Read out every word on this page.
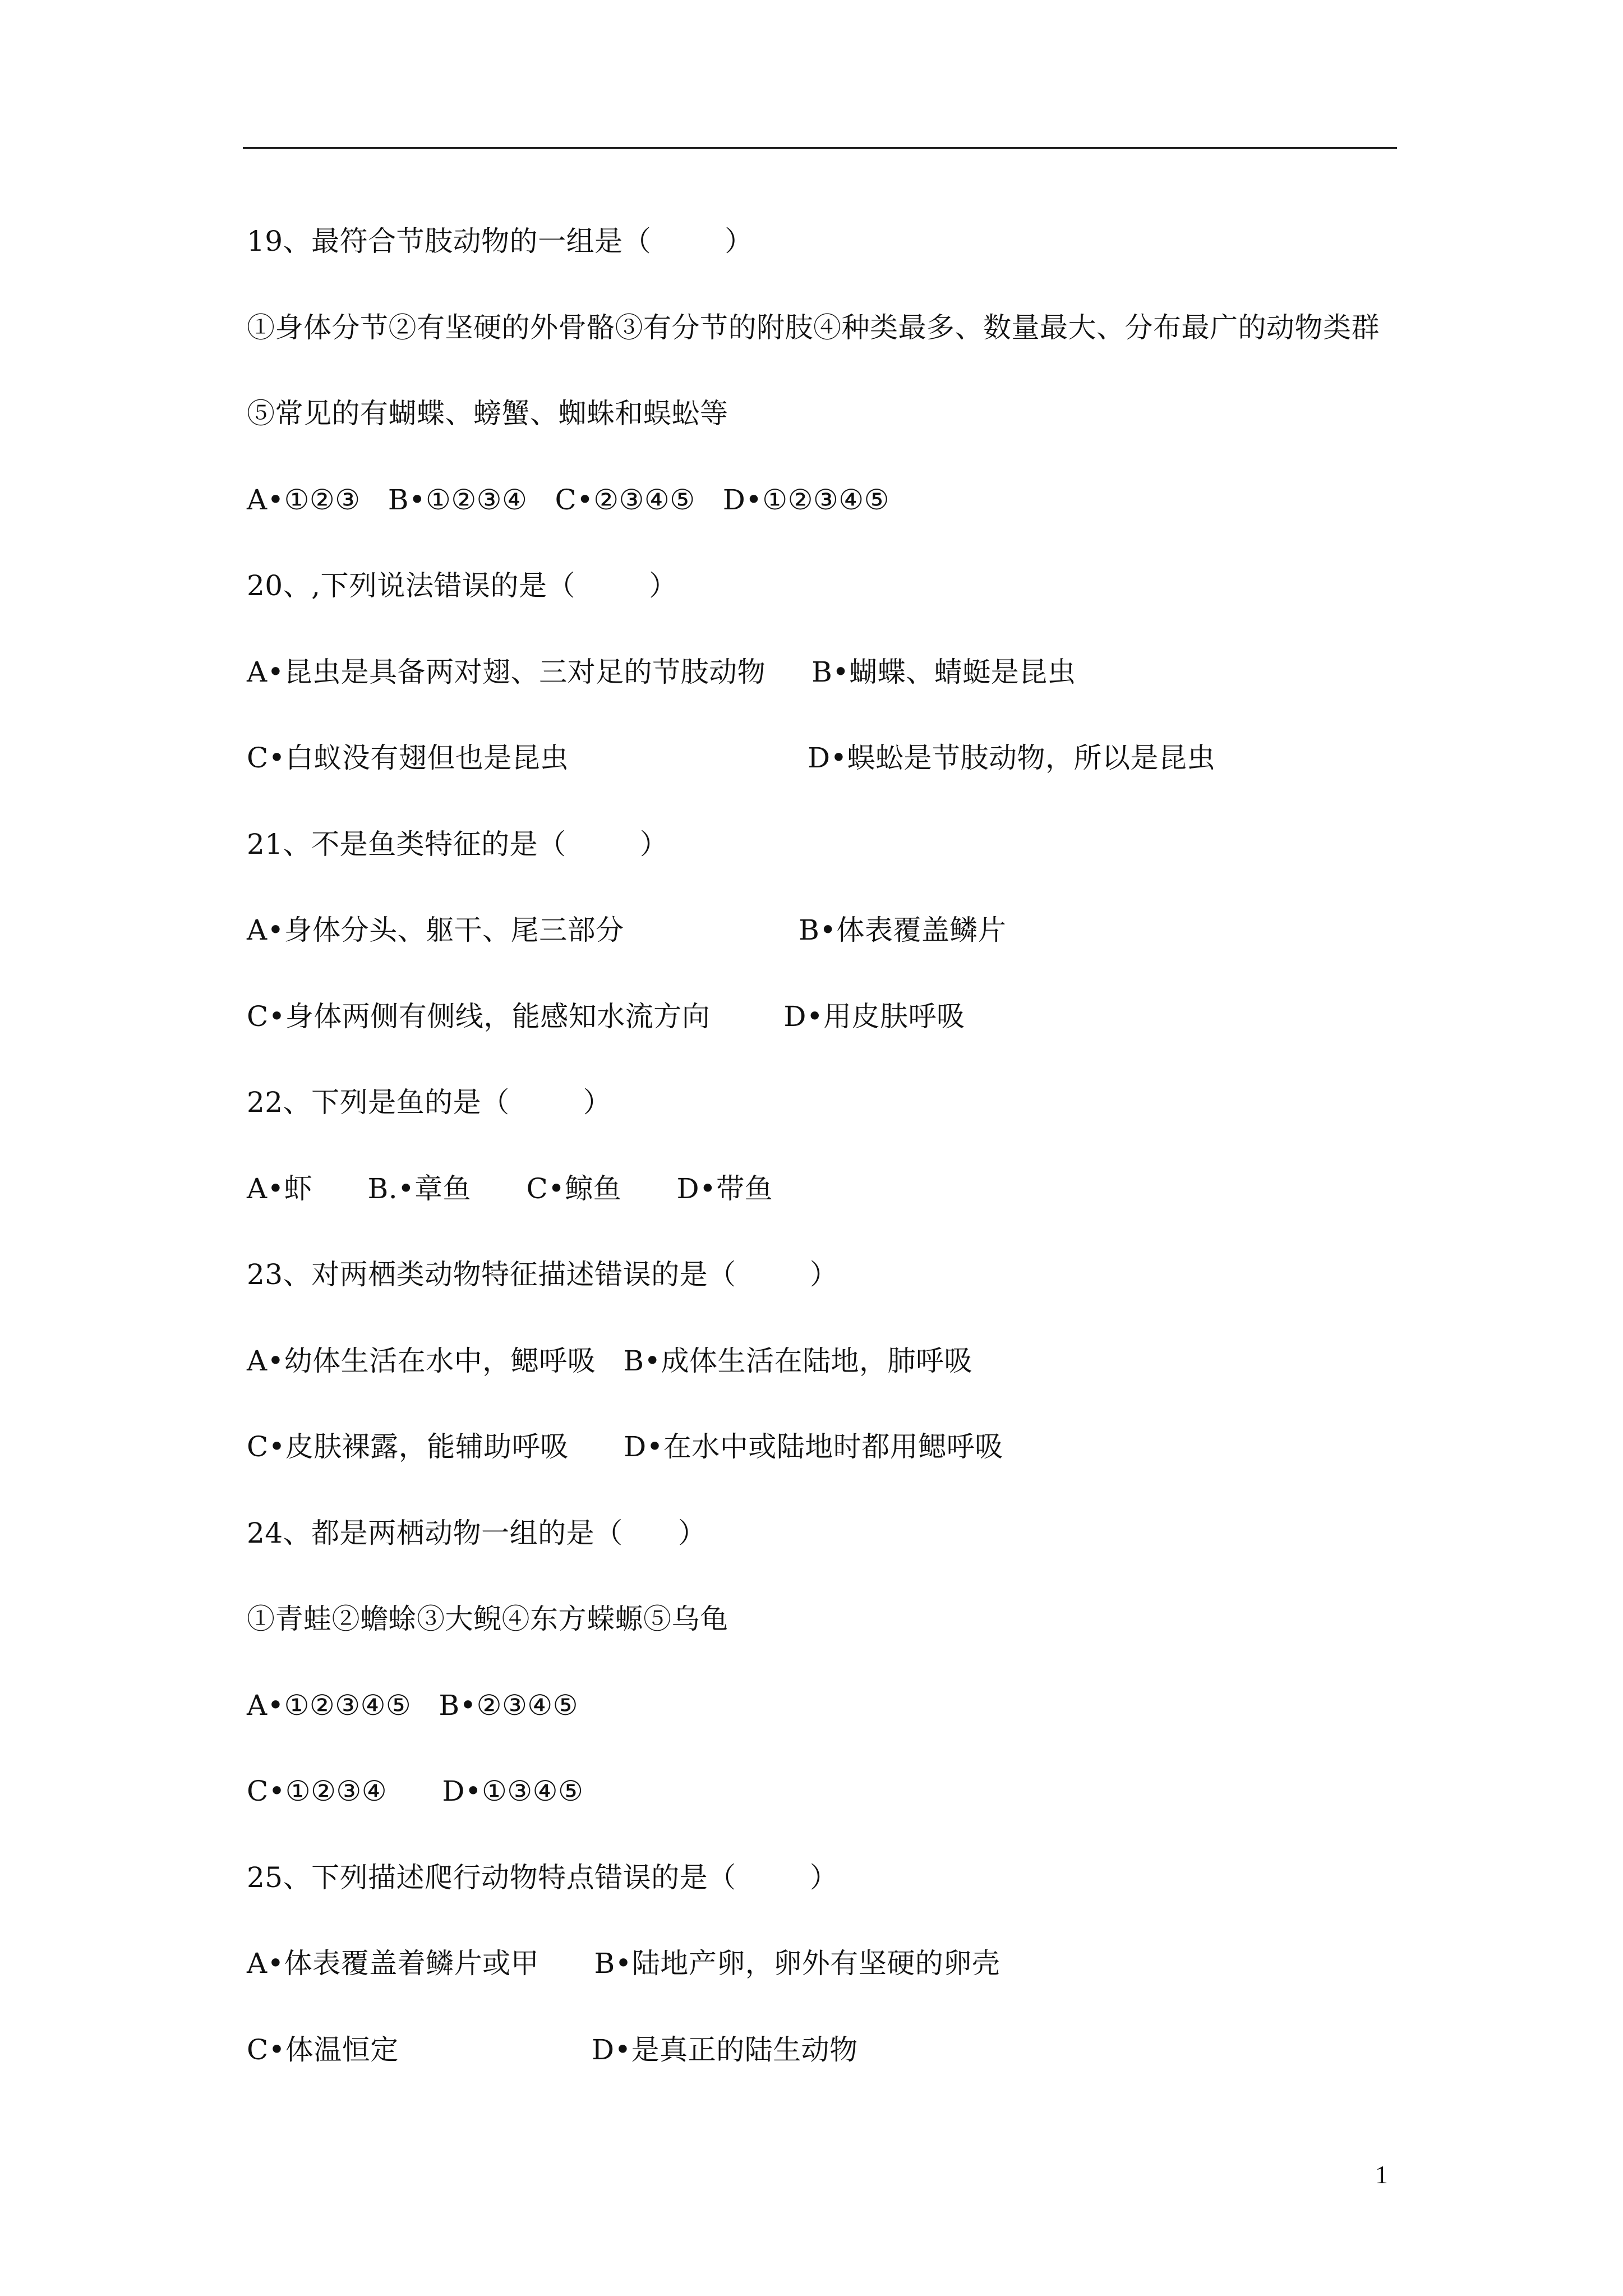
19、最符合节肢动物的一组是（        ）
①身体分节②有坚硬的外骨骼③有分节的附肢④种类最多、数量最大、分布最广的动物类群
⑤常见的有蝴蝶、螃蟹、蜘蛛和蜈蚣等
A•①②③   B•①②③④   C•②③④⑤   D•①②③④⑤
20、,下列说法错误的是（        ）
A•昆虫是具备两对翅、三对足的节肢动物     B•蝴蝶、蜻蜓是昆虫
C•白蚁没有翅但也是昆虫                          D•蜈蚣是节肢动物，所以是昆虫
21、不是鱼类特征的是（        ）
A•身体分头、躯干、尾三部分                   B•体表覆盖鳞片
C•身体两侧有侧线，能感知水流方向        D•用皮肤呼吸
22、下列是鱼的是（        ）
A•虾      B.•章鱼      C•鲸鱼      D•带鱼
23、对两栖类动物特征描述错误的是（        ）
A•幼体生活在水中，鳃呼吸   B•成体生活在陆地，肺呼吸
C•皮肤裸露，能辅助呼吸      D•在水中或陆地时都用鳃呼吸
24、都是两栖动物一组的是（      ）
①青蛙②蟾蜍③大鲵④东方蝾螈⑤乌龟
A•①②③④⑤   B•②③④⑤
C•①②③④      D•①③④⑤
25、下列描述爬行动物特点错误的是（        ）
A•体表覆盖着鳞片或甲      B•陆地产卵，卵外有坚硬的卵壳
C•体温恒定                     D•是真正的陆生动物
1
